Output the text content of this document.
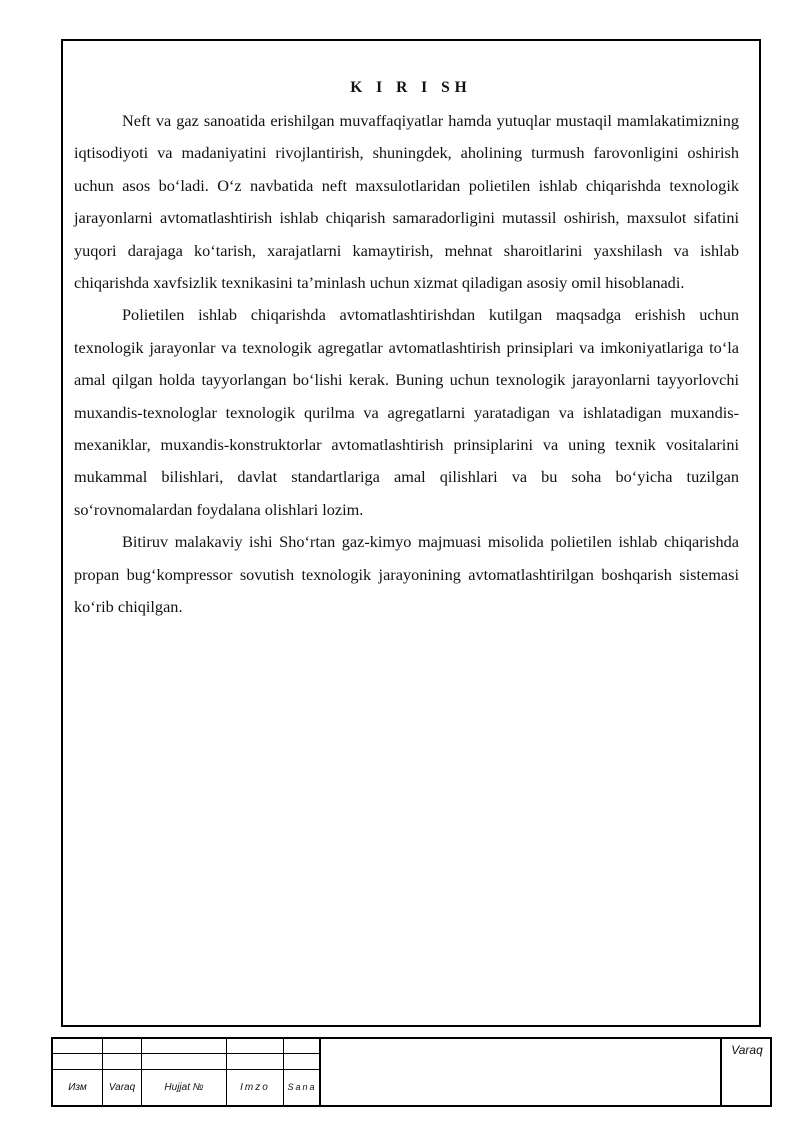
K I R I SH

Neft va gaz sanoatida erishilgan muvaffaqiyatlar hamda yutuqlar mustaqil mamlakatimizning iqtisodiyoti va madaniyatini rivojlantirish, shuningdek, aholining turmush farovonligini oshirish uchun asos bo‘ladi. O‘z navbatida neft maxsulotlaridan polietilen ishlab chiqarishda texnologik jarayonlarni avtomatlashtirish ishlab chiqarish samaradorligini mutassil oshirish, maxsulot sifatini yuqori darajaga ko‘tarish, xarajatlarni kamaytirish, mehnat sharoitlarini yaxshilash va ishlab chiqarishda xavfsizlik texnikasini ta’minlash uchun xizmat qiladigan asosiy omil hisoblanadi.

Polietilen ishlab chiqarishda avtomatlashtirishdan kutilgan maqsadga erishish uchun texnologik jarayonlar va texnologik agregatlar avtomatlashtirish prinsiplari va imkoniyatlariga to‘la amal qilgan holda tayyorlangan bo‘lishi kerak. Buning uchun texnologik jarayonlarni tayyorlovchi muxandis-texnologlar texnologik qurilma va agregatlarni yaratadigan va ishlatadigan muxandis-mexaniklar, muxandis-konstruktorlar avtomatlashtirish prinsiplarini va uning texnik vositalarini mukammal bilishlari, davlat standartlariga amal qilishlari va bu soha bo‘yicha tuzilgan so‘rovnomalardan foydalana olishlari lozim.

Bitiruv malakaviy ishi Sho‘rtan gaz-kimyo majmuasi misolida polietilen ishlab chiqarishda propan bug‘kompressor sovutish texnologik jarayonining avtomatlashtirilgan boshqarish sistemasi ko‘rib chiqilgan.

Изм	Varaq	Hujjat №	Imzo	Sana
Varaq
